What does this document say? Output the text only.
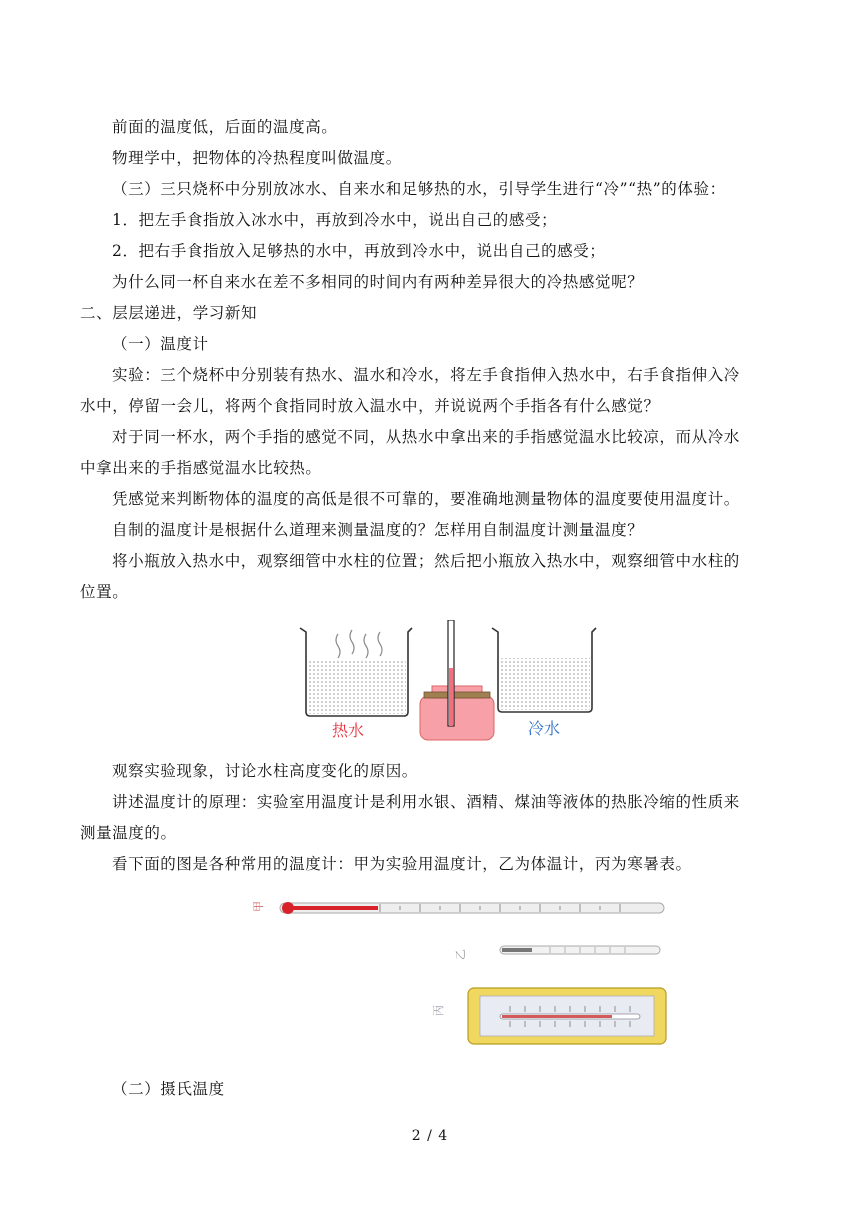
前面的温度低，后面的温度高。
物理学中，把物体的冷热程度叫做温度。
（三）三只烧杯中分别放冰水、自来水和足够热的水，引导学生进行“冷”“热”的体验：
1．把左手食指放入冰水中，再放到冷水中，说出自己的感受；
2．把右手食指放入足够热的水中，再放到冷水中，说出自己的感受；
为什么同一杯自来水在差不多相同的时间内有两种差异很大的冷热感觉呢？
二、层层递进，学习新知
（一）温度计
实验：三个烧杯中分别装有热水、温水和冷水，将左手食指伸入热水中，右手食指伸入冷
水中，停留一会儿，将两个食指同时放入温水中，并说说两个手指各有什么感觉？
对于同一杯水，两个手指的感觉不同，从热水中拿出来的手指感觉温水比较凉，而从冷水
中拿出来的手指感觉温水比较热。
凭感觉来判断物体的温度的高低是很不可靠的，要准确地测量物体的温度要使用温度计。
自制的温度计是根据什么道理来测量温度的？怎样用自制温度计测量温度？
将小瓶放入热水中，观察细管中水柱的位置；然后把小瓶放入热水中，观察细管中水柱的
位置。
热水	冷水
观察实验现象，讨论水柱高度变化的原因。
讲述温度计的原理：实验室用温度计是利用水银、酒精、煤油等液体的热胀冷缩的性质来
测量温度的。
看下面的图是各种常用的温度计：甲为实验用温度计，乙为体温计，丙为寒暑表。
甲
乙
丙
（二）摄氏温度
2 / 4
